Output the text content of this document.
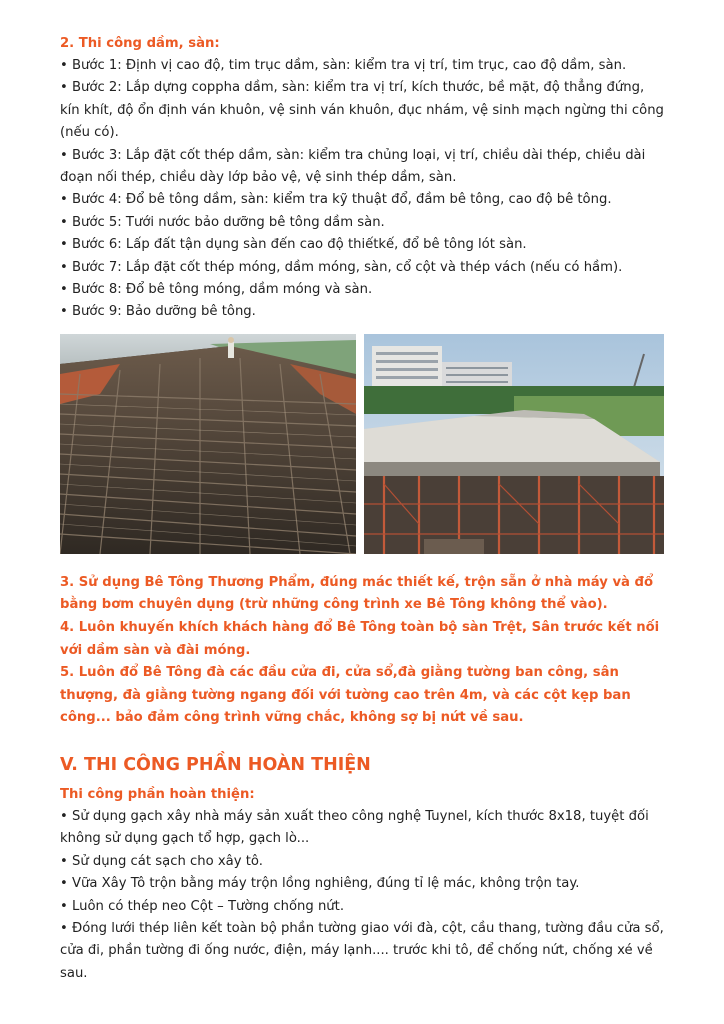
2. Thi công dầm, sàn:

• Bước 1: Định vị cao độ, tim trục dầm, sàn: kiểm tra vị trí, tim trục, cao độ dầm, sàn.
• Bước 2: Lắp dựng coppha dầm, sàn: kiểm tra vị trí, kích thước, bề mặt, độ thẳng đứng, kín khít, độ ổn định ván khuôn, vệ sinh ván khuôn, đục nhám, vệ sinh mạch ngừng thi công (nếu có).
• Bước 3: Lắp đặt cốt thép dầm, sàn: kiểm tra chủng loại, vị trí, chiều dài thép, chiều dài đoạn nối thép, chiều dày lớp bảo vệ, vệ sinh thép dầm, sàn.
• Bước 4: Đổ bê tông dầm, sàn: kiểm tra kỹ thuật đổ, đầm bê tông, cao độ bê tông.
• Bước 5: Tưới nước bảo dưỡng bê tông dầm sàn.
• Bước 6: Lấp đất tận dụng sàn đến cao độ thiếtkế, đổ bê tông lót sàn.
• Bước 7: Lắp đặt cốt thép móng, dầm móng, sàn, cổ cột và thép vách (nếu có hầm).
• Bước 8: Đổ bê tông móng, dầm móng và sàn.
• Bước 9: Bảo dưỡng bê tông.

3. Sử dụng Bê Tông Thương Phẩm, đúng mác thiết kế, trộn sẵn ở nhà máy và đổ bằng bơm chuyên dụng (trừ những công trình xe Bê Tông không thể vào).

4. Luôn khuyến khích khách hàng đổ Bê Tông toàn bộ sàn Trệt, Sân trước kết nối với dầm sàn và đài móng.

5. Luôn đổ Bê Tông đà các đầu cửa đi, cửa sổ,đà giằng tường ban công, sân thượng, đà giằng tường ngang đối với tường cao trên 4m, và các cột kẹp ban công... bảo đảm công trình vững chắc, không sợ bị nứt về sau.

V. THI CÔNG PHẦN HOÀN THIỆN

Thi công phần hoàn thiện:

• Sử dụng gạch xây nhà máy sản xuất theo công nghệ Tuynel, kích thước 8x18, tuyệt đối không sử dụng gạch tổ hợp, gạch lò...
• Sử dụng cát sạch cho xây tô.
• Vữa Xây Tô trộn bằng máy trộn lồng nghiêng, đúng tỉ lệ mác, không trộn tay.
• Luôn có thép neo Cột – Tường chống nứt.
• Đóng lưới thép liên kết toàn bộ phần tường giao với đà, cột, cầu thang, tường đầu cửa sổ, cửa đi, phần tường đi ống nước, điện, máy lạnh.... trước khi tô, để chống nứt, chống xé về sau.
